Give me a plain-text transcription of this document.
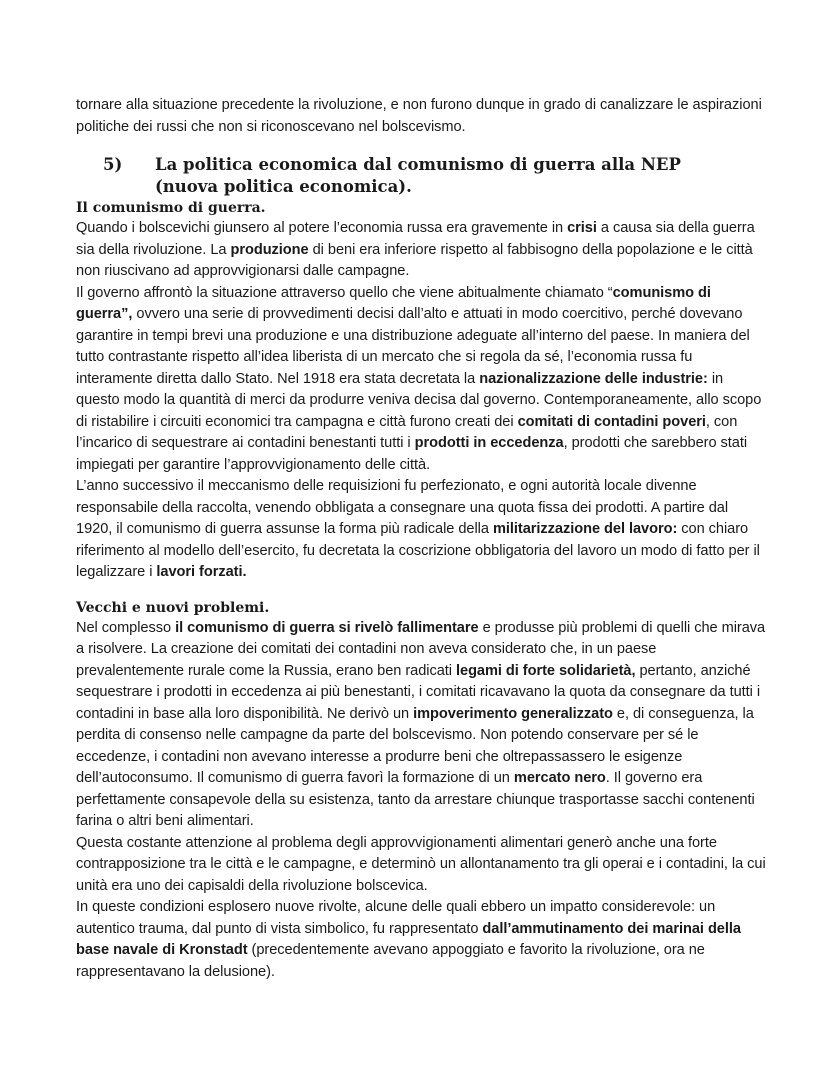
tornare alla situazione precedente la rivoluzione, e non furono dunque in grado di canalizzare le aspirazioni politiche dei russi che non si riconoscevano nel bolscevismo.

5)	La politica economica dal comunismo di guerra alla NEP (nuova politica economica).
Il comunismo di guerra.

Quando i bolscevichi giunsero al potere l’economia russa era gravemente in crisi a causa sia della guerra sia della rivoluzione. La produzione di beni era inferiore rispetto al fabbisogno della popolazione e le città non riuscivano ad approvvigionarsi dalle campagne.

Il governo affrontò la situazione attraverso quello che viene abitualmente chiamato “comunismo di guerra”, ovvero una serie di provvedimenti decisi dall’alto e attuati in modo coercitivo, perché dovevano garantire in tempi brevi una produzione e una distribuzione adeguate all’interno del paese. In maniera del tutto contrastante rispetto all’idea liberista di un mercato che si regola da sé, l’economia russa fu interamente diretta dallo Stato. Nel 1918 era stata decretata la nazionalizzazione delle industrie: in questo modo la quantità di merci da produrre veniva decisa dal governo. Contemporaneamente, allo scopo di ristabilire i circuiti economici tra campagna e città furono creati dei comitati di contadini poveri, con l’incarico di sequestrare ai contadini benestanti tutti i prodotti in eccedenza, prodotti che sarebbero stati impiegati per garantire l’approvvigionamento delle città.

L’anno successivo il meccanismo delle requisizioni fu perfezionato, e ogni autorità locale divenne responsabile della raccolta, venendo obbligata a consegnare una quota fissa dei prodotti. A partire dal 1920, il comunismo di guerra assunse la forma più radicale della militarizzazione del lavoro: con chiaro riferimento al modello dell’esercito, fu decretata la coscrizione obbligatoria del lavoro un modo di fatto per il legalizzare i lavori forzati.

Vecchi e nuovi problemi.

Nel complesso il comunismo di guerra si rivelò fallimentare e produsse più problemi di quelli che mirava a risolvere. La creazione dei comitati dei contadini non aveva considerato che, in un paese prevalentemente rurale come la Russia, erano ben radicati legami di forte solidarietà, pertanto, anziché sequestrare i prodotti in eccedenza ai più benestanti, i comitati ricavavano la quota da consegnare da tutti i contadini in base alla loro disponibilità. Ne derivò un impoverimento generalizzato e, di conseguenza, la perdita di consenso nelle campagne da parte del bolscevismo. Non potendo conservare per sé le eccedenze, i contadini non avevano interesse a produrre beni che oltrepassassero le esigenze dell’autoconsumo. Il comunismo di guerra favorì la formazione di un mercato nero. Il governo era perfettamente consapevole della su esistenza, tanto da arrestare chiunque trasportasse sacchi contenenti farina o altri beni alimentari.

Questa costante attenzione al problema degli approvvigionamenti alimentari generò anche una forte contrapposizione tra le città e le campagne, e determinò un allontanamento tra gli operai e i contadini, la cui unità era uno dei capisaldi della rivoluzione bolscevica.

In queste condizioni esplosero nuove rivolte, alcune delle quali ebbero un impatto considerevole: un autentico trauma, dal punto di vista simbolico, fu rappresentato dall’ammutinamento dei marinai della base navale di Kronstadt (precedentemente avevano appoggiato e favorito la rivoluzione, ora ne rappresentavano la delusione).
